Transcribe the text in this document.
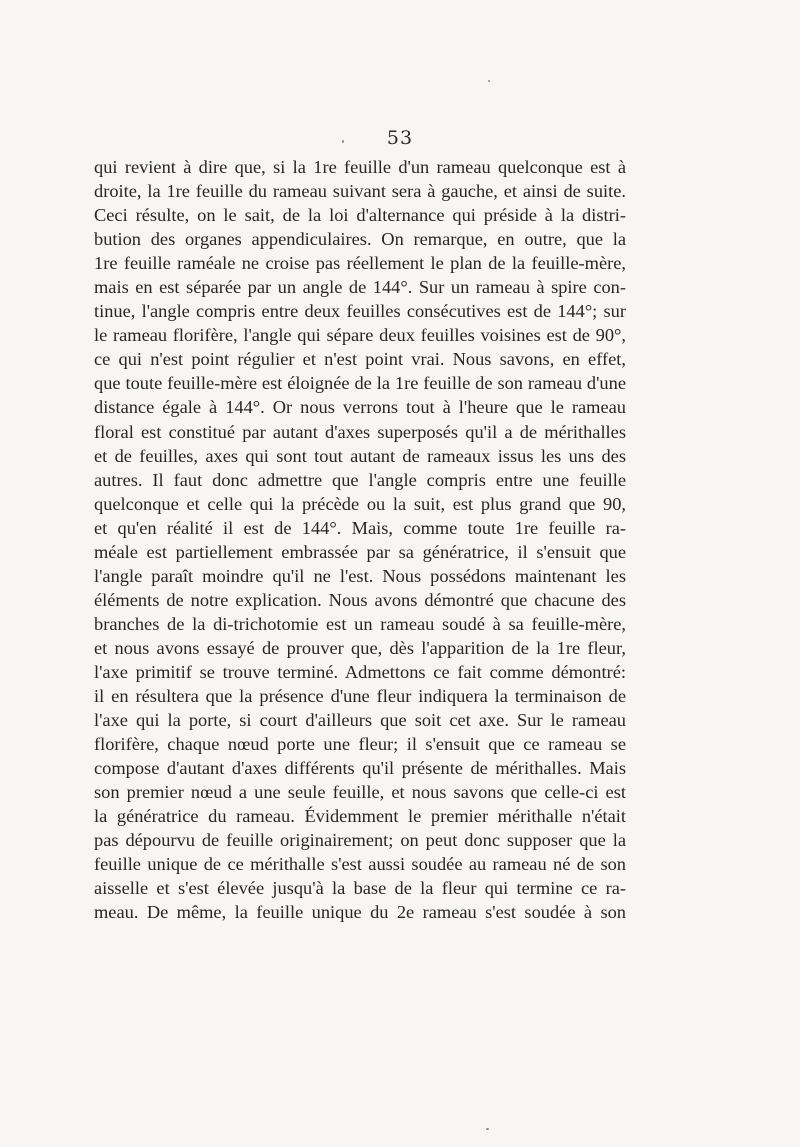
53
qui revient à dire que, si la 1re feuille d'un rameau quelconque est à
droite, la 1re feuille du rameau suivant sera à gauche, et ainsi de suite.
Ceci résulte, on le sait, de la loi d'alternance qui préside à la distri-
bution des organes appendiculaires. On remarque, en outre, que la
1re feuille raméale ne croise pas réellement le plan de la feuille-mère,
mais en est séparée par un angle de 144°. Sur un rameau à spire con-
tinue, l'angle compris entre deux feuilles consécutives est de 144°; sur
le rameau florifère, l'angle qui sépare deux feuilles voisines est de 90°,
ce qui n'est point régulier et n'est point vrai. Nous savons, en effet,
que toute feuille-mère est éloignée de la 1re feuille de son rameau d'une
distance égale à 144°. Or nous verrons tout à l'heure que le rameau
floral est constitué par autant d'axes superposés qu'il a de mérithalles
et de feuilles, axes qui sont tout autant de rameaux issus les uns des
autres. Il faut donc admettre que l'angle compris entre une feuille
quelconque et celle qui la précède ou la suit, est plus grand que 90,
et qu'en réalité il est de 144°. Mais, comme toute 1re feuille ra-
méale est partiellement embrassée par sa génératrice, il s'ensuit que
l'angle paraît moindre qu'il ne l'est. Nous possédons maintenant les
éléments de notre explication. Nous avons démontré que chacune des
branches de la di-trichotomie est un rameau soudé à sa feuille-mère,
et nous avons essayé de prouver que, dès l'apparition de la 1re fleur,
l'axe primitif se trouve terminé. Admettons ce fait comme démontré:
il en résultera que la présence d'une fleur indiquera la terminaison de
l'axe qui la porte, si court d'ailleurs que soit cet axe. Sur le rameau
florifère, chaque nœud porte une fleur; il s'ensuit que ce rameau se
compose d'autant d'axes différents qu'il présente de mérithalles. Mais
son premier nœud a une seule feuille, et nous savons que celle-ci est
la génératrice du rameau. Évidemment le premier mérithalle n'était
pas dépourvu de feuille originairement; on peut donc supposer que la
feuille unique de ce mérithalle s'est aussi soudée au rameau né de son
aisselle et s'est élevée jusqu'à la base de la fleur qui termine ce ra-
meau. De même, la feuille unique du 2e rameau s'est soudée à son
